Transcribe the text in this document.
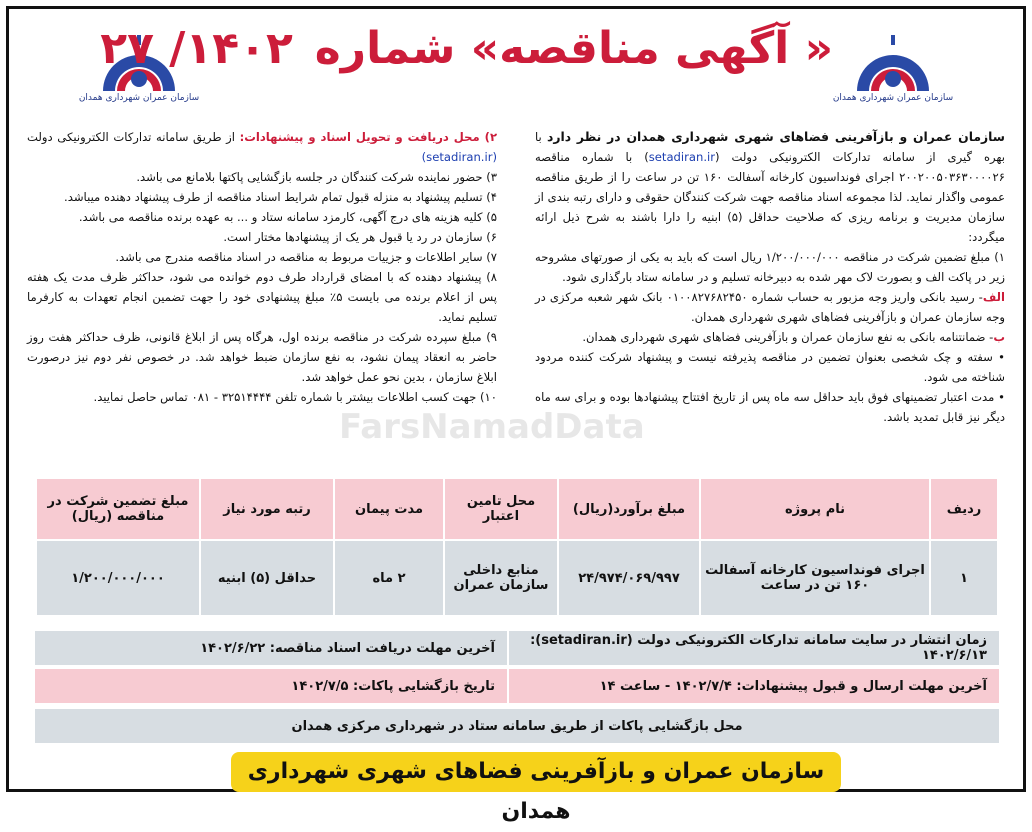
سازمان عمران شهرداری همدان
« آگهی مناقصه» شماره۱۴۰۲/ ۲۷
سازمان عمران شهرداری همدان

سازمان عمران و بازآفرینی فضاهای شهری شهرداری همدان در نظر دارد با بهره گیری از سامانه تدارکات الکترونیکی دولت (setadiran.ir) با شماره مناقصه ۲۰۰۲۰۰۵۰۳۶۳۰۰۰۰۲۶ اجرای فونداسیون کارخانه آسفالت ۱۶۰ تن در ساعت را از طریق مناقصه عمومی واگذار نماید. لذا مجموعه اسناد مناقصه جهت شرکت کنندگان حقوقی و دارای رتبه بندی از سازمان مدیریت و برنامه ریزی که صلاحیت حداقل (۵) ابنیه را دارا باشند به شرح ذیل ارائه میگردد:

۱) مبلغ تضمین شرکت در مناقصه ۱/۲۰۰/۰۰۰/۰۰۰ ریال است که باید به یکی از صورتهای مشروحه زیر در پاکت الف و بصورت لاک مهر شده به دبیرخانه تسلیم و در سامانه ستاد بارگذاری شود.

الف- رسید بانکی واریز وجه مزبور به حساب شماره ۰۱۰۰۸۲۷۶۸۲۴۵۰ بانک شهر شعبه مرکزی در وجه سازمان عمران و بازآفرینی فضاهای شهری شهرداری همدان.

ب- ضمانتنامه بانکی به نفع سازمان عمران و بازآفرینی فضاهای شهری شهرداری همدان.

• سفته و چک شخصی بعنوان تضمین در مناقصه پذیرفته نیست و پیشنهاد شرکت کننده مردود شناخته می شود.

• مدت اعتبار تضمینهای فوق باید حداقل سه ماه پس از تاریخ افتتاح پیشنهادها بوده و برای سه ماه دیگر نیز قابل تمدید باشد.

۲) محل دریافت و تحویل اسناد و پیشنهادات: از طریق سامانه تدارکات الکترونیکی دولت (setadiran.ir)

۳) حضور نماینده شرکت کنندگان در جلسه بازگشایی پاکتها بلامانع می باشد.

۴) تسلیم پیشنهاد به منزله قبول تمام شرایط اسناد مناقصه از طرف پیشنهاد دهنده میباشد.

۵) کلیه هزینه های درج آگهی، کارمزد سامانه ستاد و ... به عهده برنده مناقصه می باشد.

۶) سازمان در رد یا قبول هر یک از پیشنهادها مختار است.

۷) سایر اطلاعات و جزییات مربوط به مناقصه در اسناد مناقصه مندرج می باشد.

۸) پیشنهاد دهنده که با امضای قرارداد طرف دوم خوانده می شود، حداکثر ظرف مدت یک هفته پس از اعلام برنده می بایست ۵٪ مبلغ پیشنهادی خود را جهت تضمین انجام تعهدات به کارفرما تسلیم نماید.

۹) مبلغ سپرده شرکت در مناقصه برنده اول، هرگاه پس از ابلاغ قانونی، ظرف حداکثر هفت روز حاضر به انعقاد پیمان نشود، به نفع سازمان ضبط خواهد شد. در خصوص نفر دوم نیز درصورت ابلاغ سازمان ، بدین نحو عمل خواهد شد.

۱۰) جهت کسب اطلاعات بیشتر با شماره تلفن ۳۲۵۱۴۴۴۴ - ۰۸۱ تماس حاصل نمایید.

FarsNamadData
ردیف	نام پروژه	مبلغ برآورد(ریال)	محل تامین اعتبار	مدت پیمان	رتبه مورد نیاز	مبلغ تضمین شرکت در مناقصه (ریال)
۱	اجرای فونداسیون کارخانه آسفالت ۱۶۰ تن در ساعت	۲۴/۹۷۴/۰۶۹/۹۹۷	منابع داخلی سازمان عمران	۲ ماه	حداقل (۵) ابنیه	۱/۲۰۰/۰۰۰/۰۰۰
زمان انتشار در سایت سامانه تدارکات الکترونیکی دولت (setadiran.ir): ۱۴۰۲/۶/۱۳
آخرین مهلت دریافت اسناد مناقصه: ۱۴۰۲/۶/۲۲
آخرین مهلت ارسال و قبول پیشنهادات: ۱۴۰۲/۷/۴ - ساعت ۱۴
تاریخ بازگشایی پاکات: ۱۴۰۲/۷/۵
محل بازگشایی پاکات از طریق سامانه ستاد در شهرداری مرکزی همدان
سازمان عمران و بازآفرینی فضاهای شهری شهرداری همدان
